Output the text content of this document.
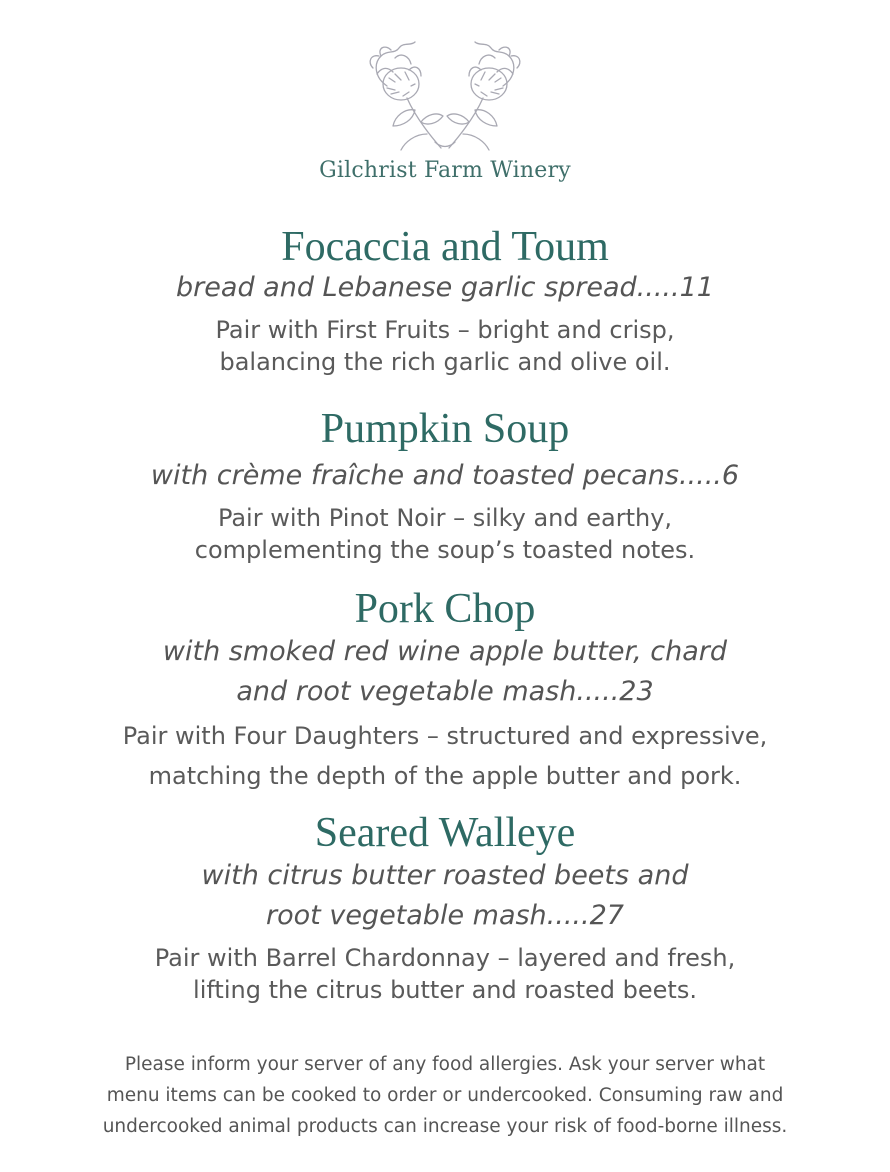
Gilchrist Farm Winery

Focaccia and Toum

bread and Lebanese garlic spread.....11

Pair with First Fruits – bright and crisp,
balancing the rich garlic and olive oil.

Pumpkin Soup

with crème fraîche and toasted pecans.....6

Pair with Pinot Noir – silky and earthy,
complementing the soup’s toasted notes.

Pork Chop

with smoked red wine apple butter, chard
and root vegetable mash.....23

Pair with Four Daughters – structured and expressive,
matching the depth of the apple butter and pork.

Seared Walleye

with citrus butter roasted beets and
root vegetable mash.....27

Pair with Barrel Chardonnay – layered and fresh,
lifting the citrus butter and roasted beets.

Please inform your server of any food allergies. Ask your server what
menu items can be cooked to order or undercooked. Consuming raw and
undercooked animal products can increase your risk of food-borne illness.
